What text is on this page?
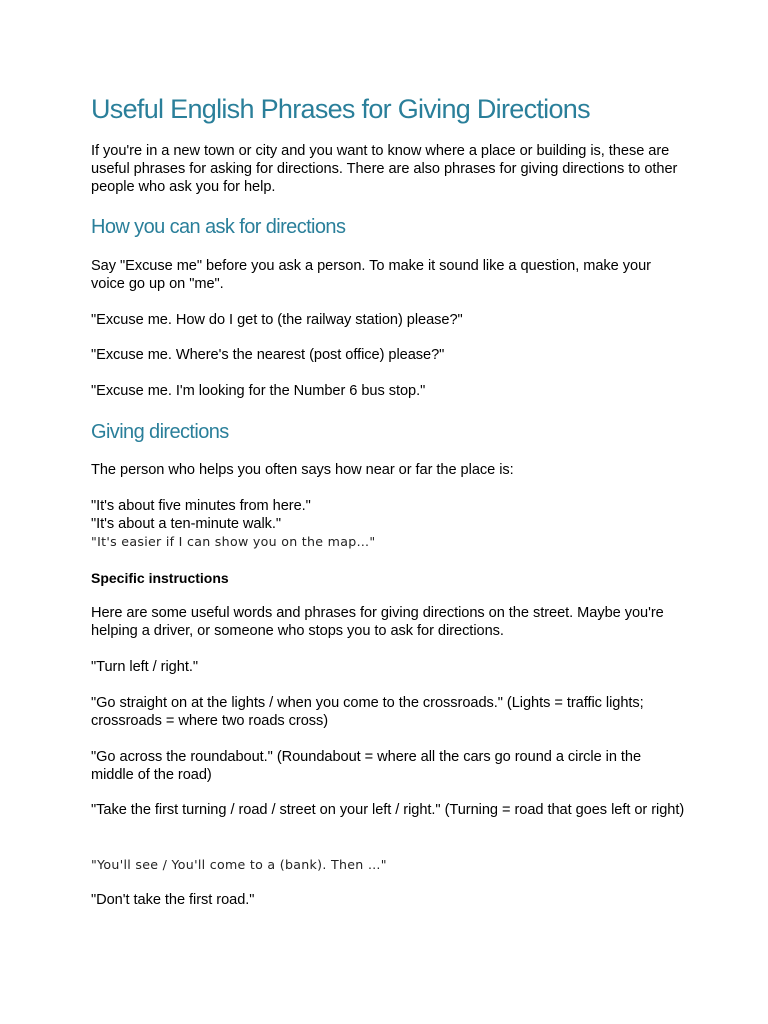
Useful English Phrases for Giving Directions

If you're in a new town or city and you want to know where a place or building is, these are useful phrases for asking for directions. There are also phrases for giving directions to other people who ask you for help.

How you can ask for directions

Say "Excuse me" before you ask a person. To make it sound like a question, make your voice go up on "me".

"Excuse me. How do I get to (the railway station) please?"

"Excuse me. Where's the nearest (post office) please?"

"Excuse me. I'm looking for the Number 6 bus stop."

Giving directions

The person who helps you often says how near or far the place is:

"It's about five minutes from here."
"It's about a ten-minute walk."
"It's easier if I can show you on the map…"

Specific instructions

Here are some useful words and phrases for giving directions on the street. Maybe you're helping a driver, or someone who stops you to ask for directions.

"Turn left / right."

"Go straight on at the lights / when you come to the crossroads." (Lights = traffic lights; crossroads = where two roads cross)

"Go across the roundabout." (Roundabout = where all the cars go round a circle in the middle of the road)

"Take the first turning / road / street on your left / right." (Turning = road that goes left or right)

"You'll see / You'll come to a (bank). Then …"

"Don't take the first road."
